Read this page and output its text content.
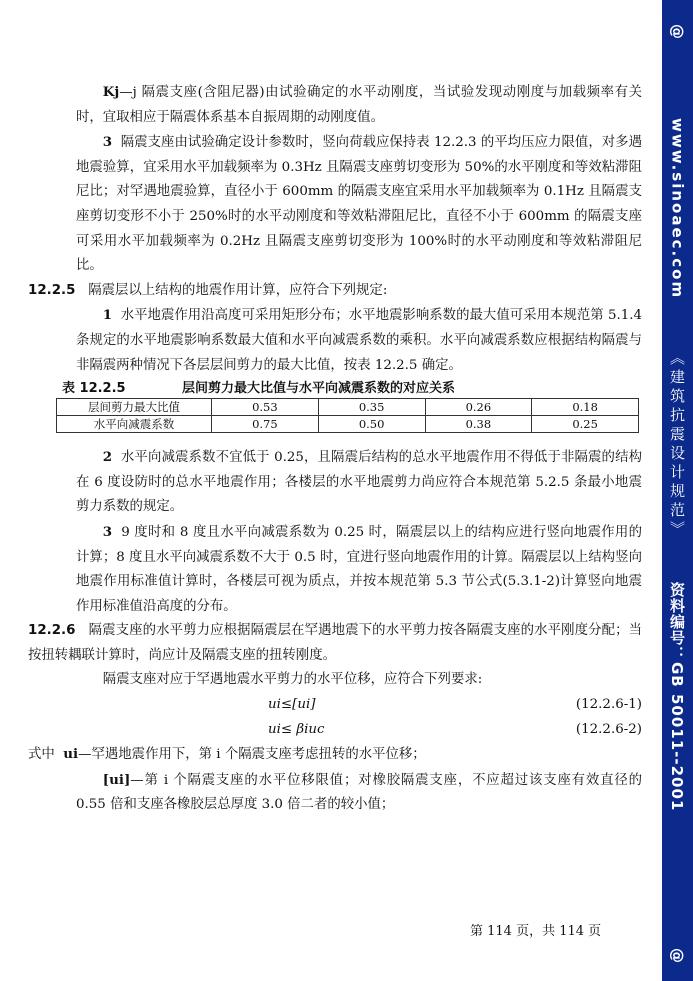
Kj—j 隔震支座(含阻尼器)由试验确定的水平动刚度，当试验发现动刚度与加载频率有关时，宜取相应于隔震体系基本自振周期的动刚度值。

3 隔震支座由试验确定设计参数时，竖向荷载应保持表 12.2.3 的平均压应力限值，对多遇地震验算，宜采用水平加载频率为 0.3Hz 且隔震支座剪切变形为 50%的水平刚度和等效粘滞阻尼比；对罕遇地震验算，直径小于 600mm 的隔震支座宜采用水平加载频率为 0.1Hz 且隔震支座剪切变形不小于 250%时的水平动刚度和等效粘滞阻尼比，直径不小于 600mm 的隔震支座可采用水平加载频率为 0.2Hz 且隔震支座剪切变形为 100%时的水平动刚度和等效粘滞阻尼比。

12.2.5 隔震层以上结构的地震作用计算，应符合下列规定:

1 水平地震作用沿高度可采用矩形分布；水平地震影响系数的最大值可采用本规范第 5.1.4 条规定的水平地震影响系数最大值和水平向减震系数的乘积。水平向减震系数应根据结构隔震与非隔震两种情况下各层层间剪力的最大比值，按表 12.2.5 确定。

表 12.2.5	层间剪力最大比值与水平向减震系数的对应关系
层间剪力最大比值	0.53	0.35	0.26	0.18
水平向减震系数	0.75	0.50	0.38	0.25

2 水平向减震系数不宜低于 0.25，且隔震后结构的总水平地震作用不得低于非隔震的结构在 6 度设防时的总水平地震作用；各楼层的水平地震剪力尚应符合本规范第 5.2.5 条最小地震剪力系数的规定。

3 9 度时和 8 度且水平向减震系数为 0.25 时，隔震层以上的结构应进行竖向地震作用的计算；8 度且水平向减震系数不大于 0.5 时，宜进行竖向地震作用的计算。隔震层以上结构竖向地震作用标准值计算时，各楼层可视为质点，并按本规范第 5.3 节公式(5.3.1-2)计算竖向地震作用标准值沿高度的分布。

12.2.6 隔震支座的水平剪力应根据隔震层在罕遇地震下的水平剪力按各隔震支座的水平刚度分配；当按扭转耦联计算时，尚应计及隔震支座的扭转刚度。

隔震支座对应于罕遇地震水平剪力的水平位移，应符合下列要求:

ui≤[ui]	(12.2.6-1)
ui≤ βiuc	(12.2.6-2)

式中 ui—罕遇地震作用下，第 i 个隔震支座考虑扭转的水平位移；

[ui]—第 i 个隔震支座的水平位移限值；对橡胶隔震支座，不应超过该支座有效直径的 0.55 倍和支座各橡胶层总厚度 3.0 倍二者的较小值；

第 114 页，共 114 页
@
www.sinoaec.com
《建筑抗震设计规范》
资料编号：GB 50011--2001
@
